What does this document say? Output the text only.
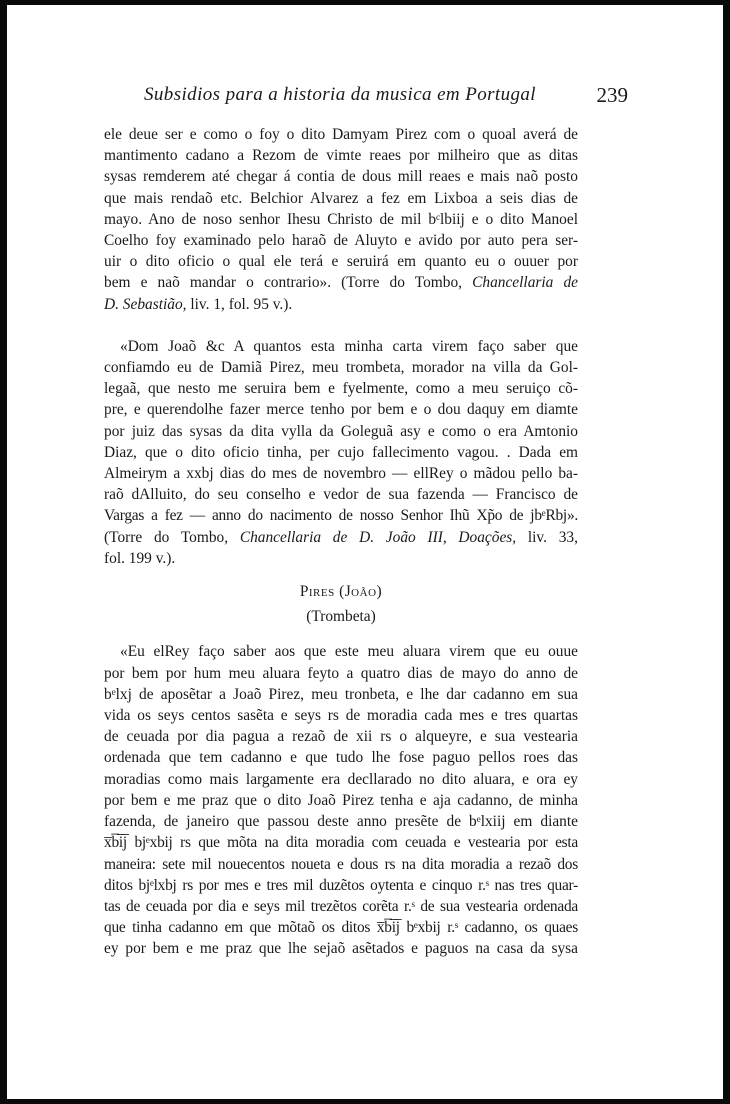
Subsidios para a historia da musica em Portugal	239
ele deue ser e como o foy o dito Damyam Pirez com o quoal averá de
mantimento cadano a Rezom de vimte reaes por milheiro que as ditas
sysas remderem até chegar á contia de dous mill reaes e mais naõ posto
que mais rendaõ etc. Belchior Alvarez a fez em Lixboa a seis dias de
mayo. Ano de noso senhor Ihesu Christo de mil bᶜlbiij e o dito Manoel
Coelho foy examinado pelo haraõ de Aluyto e avido por auto pera ser-
uir o dito oficio o qual ele terá e seruirá em quanto eu o ouuer por
bem e naõ mandar o contrario». (Torre do Tombo, Chancellaria de
D. Sebastião, liv. 1, fol. 95 v.).
«Dom Joaõ &c A quantos esta minha carta virem faço saber que
confiamdo eu de Damiã Pirez, meu trombeta, morador na villa da Gol-
legaã, que nesto me seruira bem e fyelmente, como a meu seruiço cõ-
pre, e querendolhe fazer merce tenho por bem e o dou daquy em diamte
por juiz das sysas da dita vylla da Goleguã asy e como o era Amtonio
Diaz, que o dito oficio tinha, per cujo fallecimento vagou. . Dada em
Almeirym a xxbj dias do mes de novembro — ellRey o mãdou pello ba-
raõ dAlluito, do seu conselho e vedor de sua fazenda — Francisco de
Vargas a fez — anno do nacimento de nosso Senhor Ihũ Xp̃o de jbᵉRbj».
(Torre do Tombo, Chancellaria de D. João III, Doações, liv. 33,
fol. 199 v.).
Pires (João)
(Trombeta)
«Eu elRey faço saber aos que este meu aluara virem que eu ouue
por bem por hum meu aluara feyto a quatro dias de mayo do anno de
bᵉlxj de aposẽtar a Joaõ Pirez, meu tronbeta, e lhe dar cadanno em sua
vida os seys centos sasẽta e seys rs de moradia cada mes e tres quartas
de ceuada por dia pagua a rezaõ de xii rs o alqueyre, e sua vestearia
ordenada que tem cadanno e que tudo lhe fose paguo pellos roes das
moradias como mais largamente era decllarado no dito aluara, e ora ey
por bem e me praz que o dito Joaõ Pirez tenha e aja cadanno, de minha
fazenda, de janeiro que passou deste anno presẽte de bᵉlxiij em diante
x̅b̅i̅j̅ bjᵉxbij rs que mõta na dita moradia com ceuada e vestearia por esta
maneira: sete mil nouecentos noueta e dous rs na dita moradia a rezaõ dos
ditos bjᵉlxbj rs por mes e tres mil duzẽtos oytenta e cinquo r.ˢ nas tres quar-
tas de ceuada por dia e seys mil trezẽtos corẽta r.ˢ de sua vestearia ordenada
que tinha cadanno em que mõtaõ os ditos x̅b̅i̅j̅ bᵉxbij r.ˢ cadanno, os quaes
ey por bem e me praz que lhe sejaõ asẽtados e paguos na casa da sysa
